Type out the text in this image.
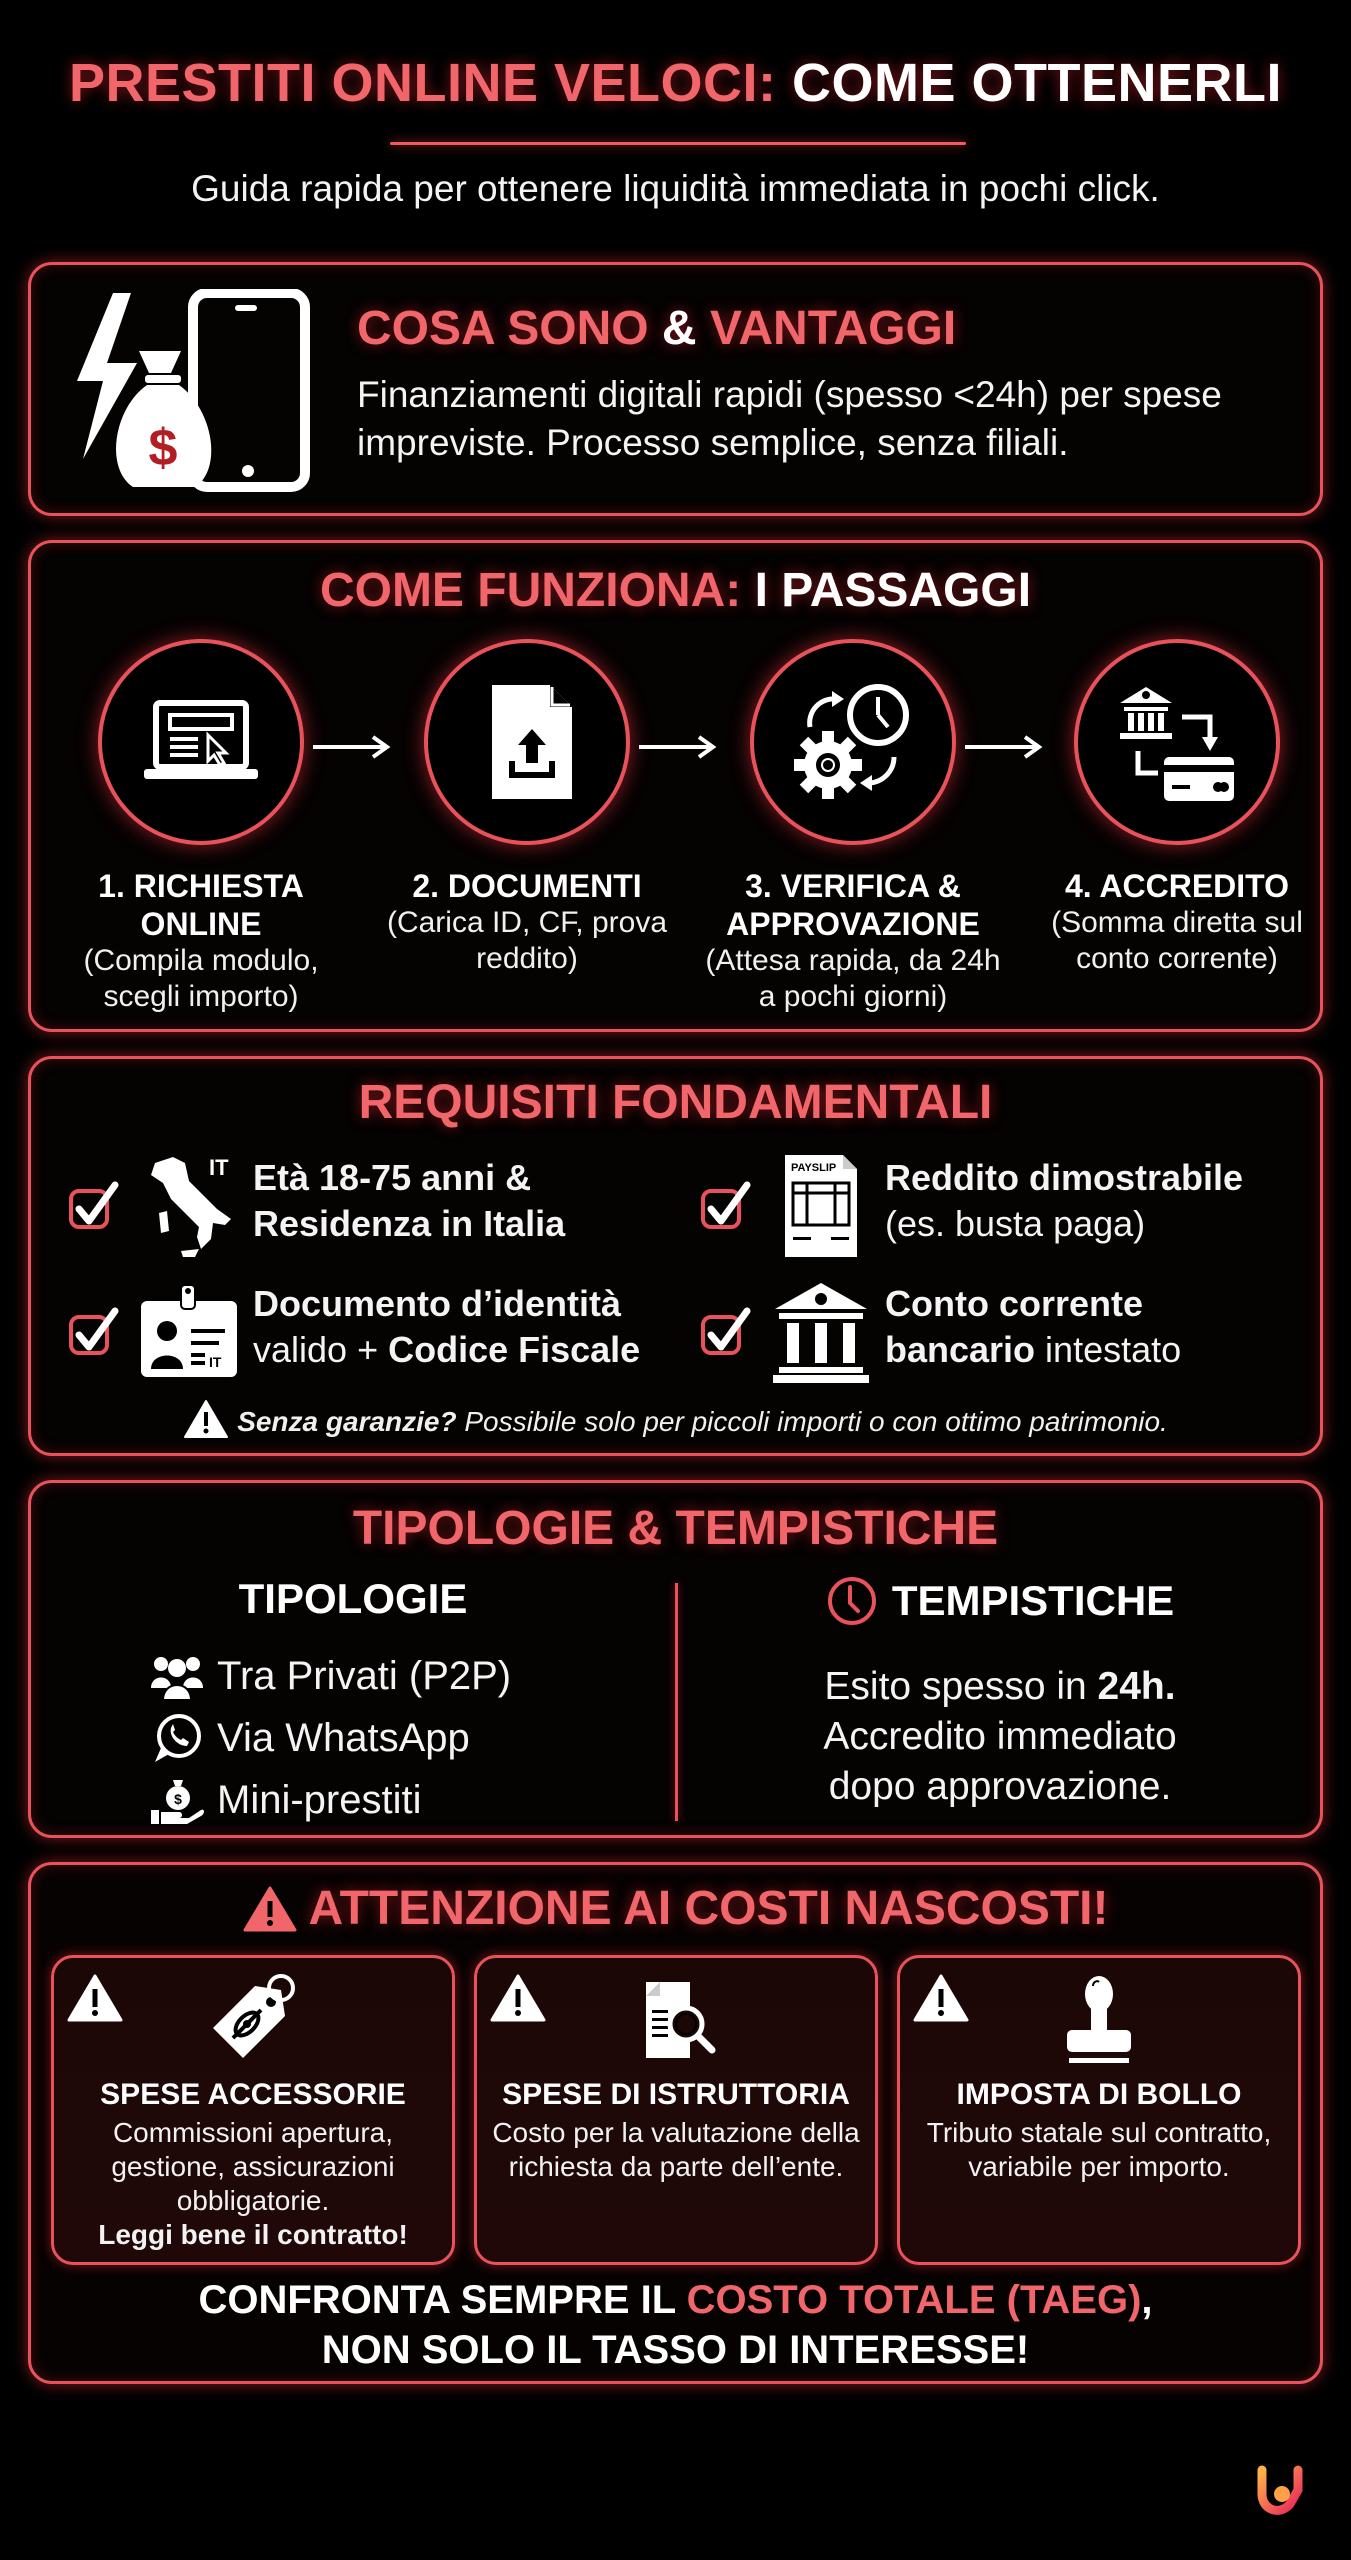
PRESTITI ONLINE VELOCI: COME OTTENERLI
Guida rapida per ottenere liquidità immediata in pochi click.
$
COSA SONO & VANTAGGI
Finanziamenti digitali rapidi (spesso <24h) per spese impreviste. Processo semplice, senza filiali.
COME FUNZIONA: I PASSAGGI
1. RICHIESTA ONLINE
(Compila modulo, scegli importo)
2. DOCUMENTI
(Carica ID, CF, prova reddito)
3. VERIFICA & APPROVAZIONE
(Attesa rapida, da 24h a pochi giorni)
4. ACCREDITO
(Somma diretta sul conto corrente)
REQUISITI FONDAMENTALI
IT Età 18-75 anni &
Residenza in Italia
PAYSLIP Reddito dimostrabile
(es. busta paga)
IT
Documento d’identità
valido + Codice Fiscale
Conto corrente
bancario intestato
Senza garanzie? Possibile solo per piccoli importi o con ottimo patrimonio.
TIPOLOGIE & TEMPISTICHE
TIPOLOGIE
Tra Privati (P2P)
Via WhatsApp
$ Mini-prestiti
TEMPISTICHE
Esito spesso in 24h.
Accredito immediato
dopo approvazione.
ATTENZIONE AI COSTI NASCOSTI!
SPESE ACCESSORIE
Commissioni apertura, gestione, assicurazioni obbligatorie.
Leggi bene il contratto!
SPESE DI ISTRUTTORIA
Costo per la valutazione della richiesta da parte dell’ente.
IMPOSTA DI BOLLO
Tributo statale sul contratto, variabile per importo.
CONFRONTA SEMPRE IL COSTO TOTALE (TAEG),
NON SOLO IL TASSO DI INTERESSE!
